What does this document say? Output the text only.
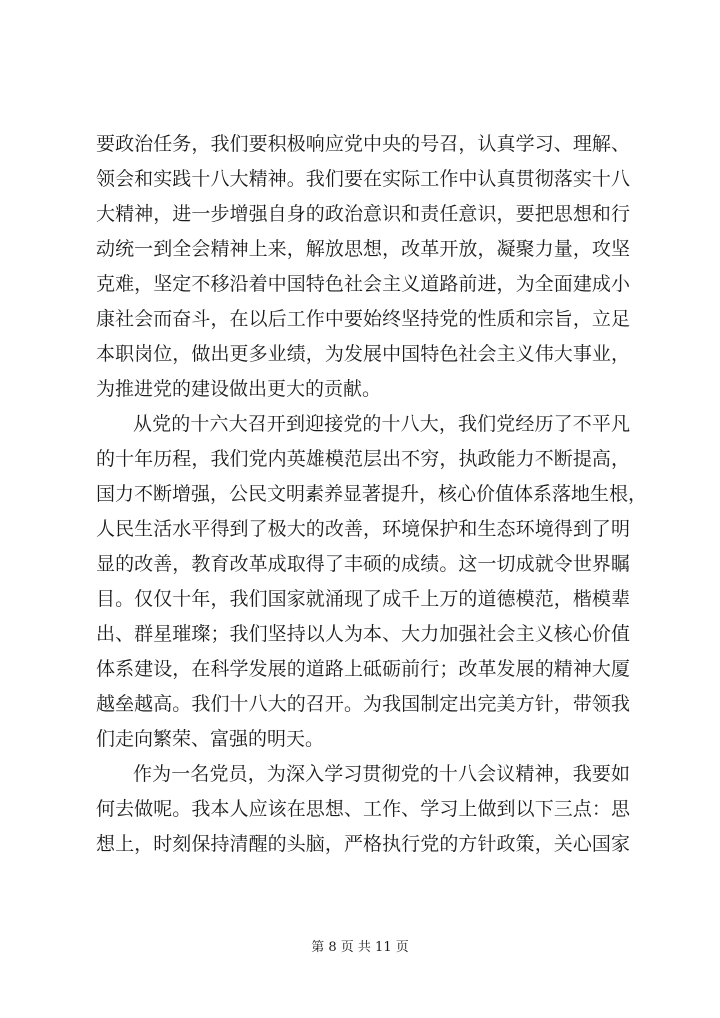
要政治任务，我们要积极响应党中央的号召，认真学习、理解、
领会和实践十八大精神。我们要在实际工作中认真贯彻落实十八
大精神，进一步增强自身的政治意识和责任意识，要把思想和行
动统一到全会精神上来，解放思想，改革开放，凝聚力量，攻坚
克难，坚定不移沿着中国特色社会主义道路前进，为全面建成小
康社会而奋斗，在以后工作中要始终坚持党的性质和宗旨，立足
本职岗位，做出更多业绩，为发展中国特色社会主义伟大事业，
为推进党的建设做出更大的贡献。
从党的十六大召开到迎接党的十八大，我们党经历了不平凡
的十年历程，我们党内英雄模范层出不穷，执政能力不断提高，
国力不断增强，公民文明素养显著提升，核心价值体系落地生根，
人民生活水平得到了极大的改善，环境保护和生态环境得到了明
显的改善，教育改革成取得了丰硕的成绩。这一切成就令世界瞩
目。仅仅十年，我们国家就涌现了成千上万的道德模范，楷模辈
出、群星璀璨；我们坚持以人为本、大力加强社会主义核心价值
体系建设，在科学发展的道路上砥砺前行；改革发展的精神大厦
越垒越高。我们十八大的召开。为我国制定出完美方针，带领我
们走向繁荣、富强的明天。
作为一名党员，为深入学习贯彻党的十八会议精神，我要如
何去做呢。我本人应该在思想、工作、学习上做到以下三点：思
想上，时刻保持清醒的头脑，严格执行党的方针政策，关心国家
第 8 页 共 11 页
